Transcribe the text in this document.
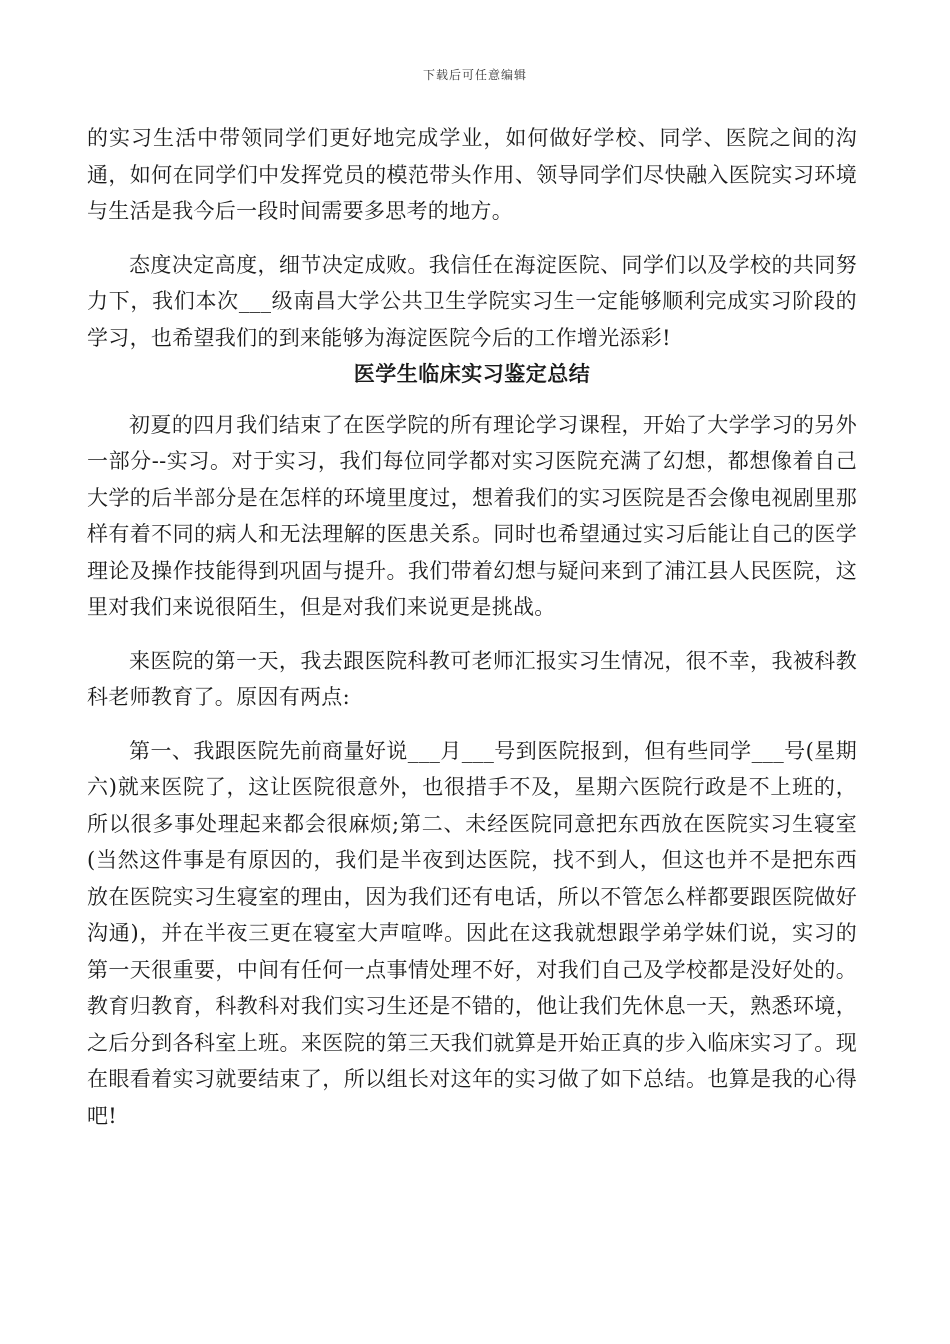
下载后可任意编辑

的实习生活中带领同学们更好地完成学业，如何做好学校、同学、医院之间的沟通，如何在同学们中发挥党员的模范带头作用、领导同学们尽快融入医院实习环境与生活是我今后一段时间需要多思考的地方。

态度决定高度，细节决定成败。我信任在海淀医院、同学们以及学校的共同努力下，我们本次___级南昌大学公共卫生学院实习生一定能够顺利完成实习阶段的学习，也希望我们的到来能够为海淀医院今后的工作增光添彩!

医学生临床实习鉴定总结

初夏的四月我们结束了在医学院的所有理论学习课程，开始了大学学习的另外一部分--实习。对于实习，我们每位同学都对实习医院充满了幻想，都想像着自己大学的后半部分是在怎样的环境里度过，想着我们的实习医院是否会像电视剧里那样有着不同的病人和无法理解的医患关系。同时也希望通过实习后能让自己的医学理论及操作技能得到巩固与提升。我们带着幻想与疑问来到了浦江县人民医院，这里对我们来说很陌生，但是对我们来说更是挑战。

来医院的第一天，我去跟医院科教可老师汇报实习生情况，很不幸，我被科教科老师教育了。原因有两点:

第一、我跟医院先前商量好说___月___号到医院报到，但有些同学___号(星期六)就来医院了，这让医院很意外，也很措手不及，星期六医院行政是不上班的，所以很多事处理起来都会很麻烦;第二、未经医院同意把东西放在医院实习生寝室(当然这件事是有原因的，我们是半夜到达医院，找不到人，但这也并不是把东西放在医院实习生寝室的理由，因为我们还有电话，所以不管怎么样都要跟医院做好沟通)，并在半夜三更在寝室大声喧哗。因此在这我就想跟学弟学妹们说，实习的第一天很重要，中间有任何一点事情处理不好，对我们自己及学校都是没好处的。教育归教育，科教科对我们实习生还是不错的，他让我们先休息一天，熟悉环境，之后分到各科室上班。来医院的第三天我们就算是开始正真的步入临床实习了。现在眼看着实习就要结束了，所以组长对这年的实习做了如下总结。也算是我的心得吧!
